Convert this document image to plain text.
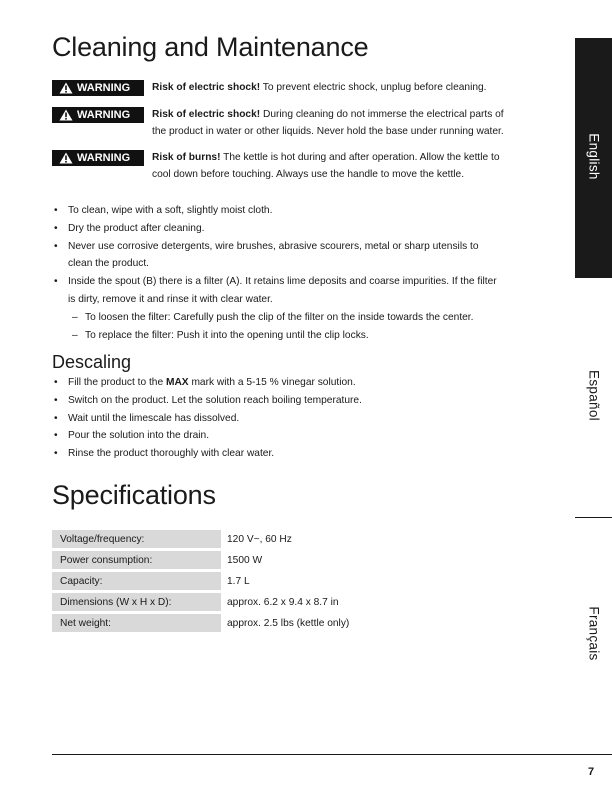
Cleaning and Maintenance
WARNING Risk of electric shock! To prevent electric shock, unplug before cleaning.
WARNING Risk of electric shock! During cleaning do not immerse the electrical parts of
the product in water or other liquids. Never hold the base under running water.
WARNING Risk of burns! The kettle is hot during and after operation. Allow the kettle to
cool down before touching. Always use the handle to move the kettle.
• To clean, wipe with a soft, slightly moist cloth.
• Dry the product after cleaning.
• Never use corrosive detergents, wire brushes, abrasive scourers, metal or sharp utensils to
clean the product.
• Inside the spout (B) there is a filter (A). It retains lime deposits and coarse impurities. If the filter
is dirty, remove it and rinse it with clear water.
– To loosen the filter: Carefully push the clip of the filter on the inside towards the center.
– To replace the filter: Push it into the opening until the clip locks.
Descaling
• Fill the product to the MAX mark with a 5-15 % vinegar solution.
• Switch on the product. Let the solution reach boiling temperature.
• Wait until the limescale has dissolved.
• Pour the solution into the drain.
• Rinse the product thoroughly with clear water.
Specifications
Voltage/frequency:		120 V~, 60 Hz
Power consumption:		1500 W
Capacity:		1.7 L
Dimensions (W x H x D):		approx. 6.2 x 9.4 x 8.7 in
Net weight:		approx. 2.5 lbs (kettle only)
English
Español
Français
7
